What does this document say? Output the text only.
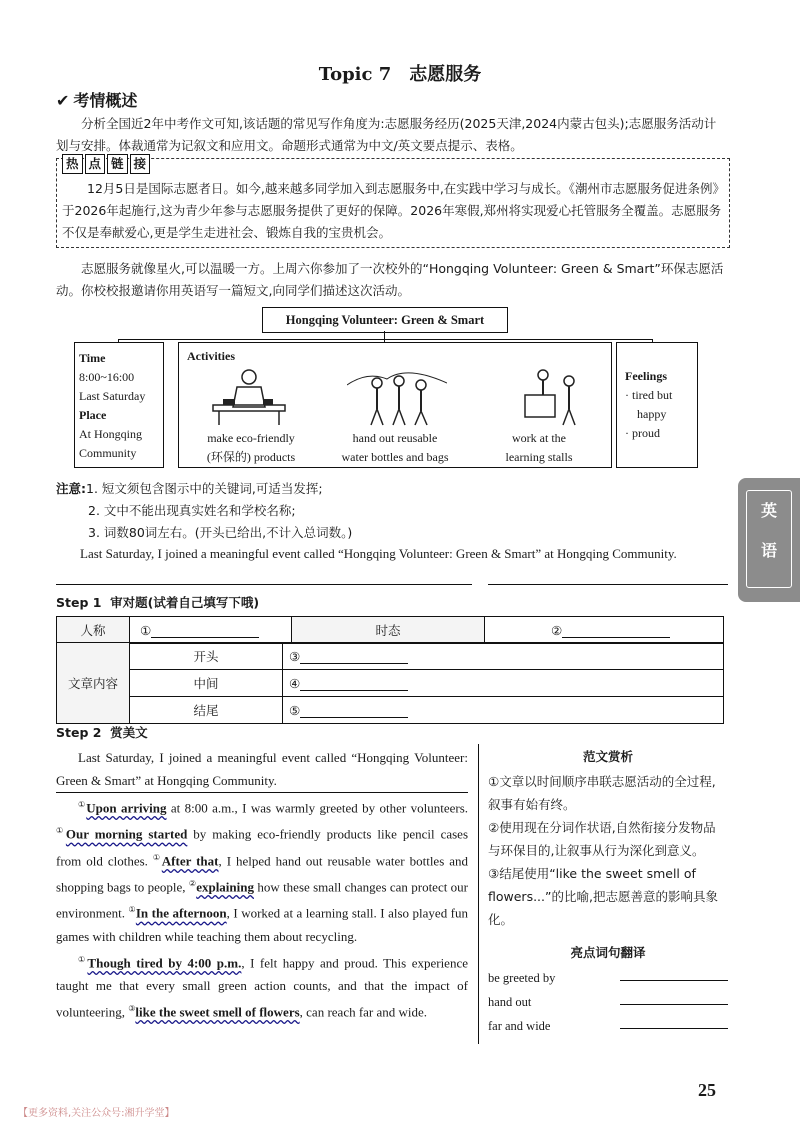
Topic 7　志愿服务
✔ 考情概述
分析全国近2年中考作文可知,该话题的常见写作角度为:志愿服务经历(2025天津,2024内蒙古包头);志愿服务活动计划与安排。体裁通常为记叙文和应用文。命题形式通常为中文/英文要点提示、表格。
热 点 链 接
12月5日是国际志愿者日。如今,越来越多同学加入到志愿服务中,在实践中学习与成长。《潮州市志愿服务促进条例》于2026年起施行,这为青少年参与志愿服务提供了更好的保障。2026年寒假,郑州将实现爱心托管服务全覆盖。志愿服务不仅是奉献爱心,更是学生走进社会、锻炼自我的宝贵机会。
志愿服务就像星火,可以温暖一方。上周六你参加了一次校外的“Hongqing Volunteer: Green & Smart”环保志愿活动。你校校报邀请你用英语写一篇短文,向同学们描述这次活动。
Hongqing Volunteer: Green & Smart
Time
8:00~16:00
Last Saturday
Place
At Hongqing Community
Activities
make eco-friendly
(环保的) products
hand out reusable
water bottles and bags
work at the
learning stalls
Feelings
· tired but
happy
· proud
注意:1. 短文须包含图示中的关键词,可适当发挥;
2. 文中不能出现真实姓名和学校名称;
3. 词数80词左右。(开头已给出,不计入总词数。)
Last Saturday, I joined a meaningful event called “Hongqing Volunteer: Green & Smart” at Hongqing Community.
Step 1 审对题(试着自己填写下哦)
人称	①	时态	②
文章内容	开头	③
	中间	④
	结尾	⑤
Step 2 赏美文
Last Saturday, I joined a meaningful event called “Hongqing Volunteer: Green & Smart” at Hongqing Community.
①Upon arriving at 8:00 a.m., I was warmly greeted by other volunteers. ①Our morning started by making eco-friendly products like pencil cases from old clothes. ①After that, I helped hand out reusable water bottles and shopping bags to people, ②explaining how these small changes can protect our environment. ①In the afternoon, I worked at a learning stall. I also played fun games with children while teaching them about recycling.
①Though tired by 4:00 p.m., I felt happy and proud. This experience taught me that every small green action counts, and that the impact of volunteering, ③like the sweet smell of flowers, can reach far and wide.
范文赏析
①文章以时间顺序串联志愿活动的全过程,叙事有始有终。
②使用现在分词作状语,自然衔接分发物品与环保目的,让叙事从行为深化到意义。
③结尾使用“like the sweet smell of flowers...”的比喻,把志愿善意的影响具象化。
亮点词句翻译
be greeted by
hand out
far and wide
英
语
25
【更多资料,关注公众号:湘升学堂】
